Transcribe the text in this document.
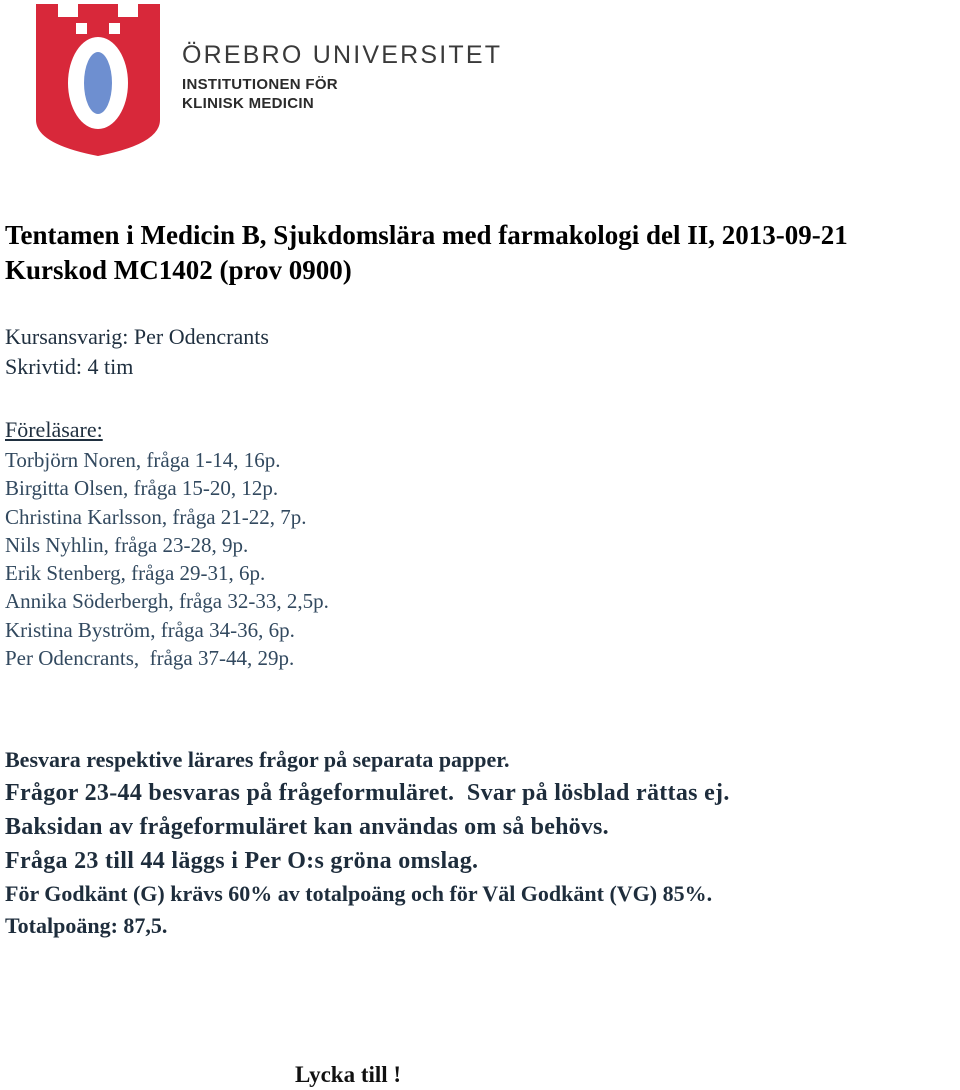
ÖREBRO UNIVERSITET
INSTITUTIONEN FÖR
KLINISK MEDICIN
Tentamen i Medicin B, Sjukdomslära med farmakologi del II, 2013-09-21
Kurskod MC1402 (prov 0900)
Kursansvarig: Per Odencrants
Skrivtid: 4 tim
Föreläsare:
Torbjörn Noren, fråga 1-14, 16p.
Birgitta Olsen, fråga 15-20, 12p.
Christina Karlsson, fråga 21-22, 7p.
Nils Nyhlin, fråga 23-28, 9p.
Erik Stenberg, fråga 29-31, 6p.
Annika Söderbergh, fråga 32-33, 2,5p.
Kristina Byström, fråga 34-36, 6p.
Per Odencrants,  fråga 37-44, 29p.
Besvara respektive lärares frågor på separata papper.
Frågor 23-44 besvaras på frågeformuläret.  Svar på lösblad rättas ej.
Baksidan av frågeformuläret kan användas om så behövs.
Fråga 23 till 44 läggs i Per O:s gröna omslag.
För Godkänt (G) krävs 60% av totalpoäng och för Väl Godkänt (VG) 85%.
Totalpoäng: 87,5.
Lycka till !
